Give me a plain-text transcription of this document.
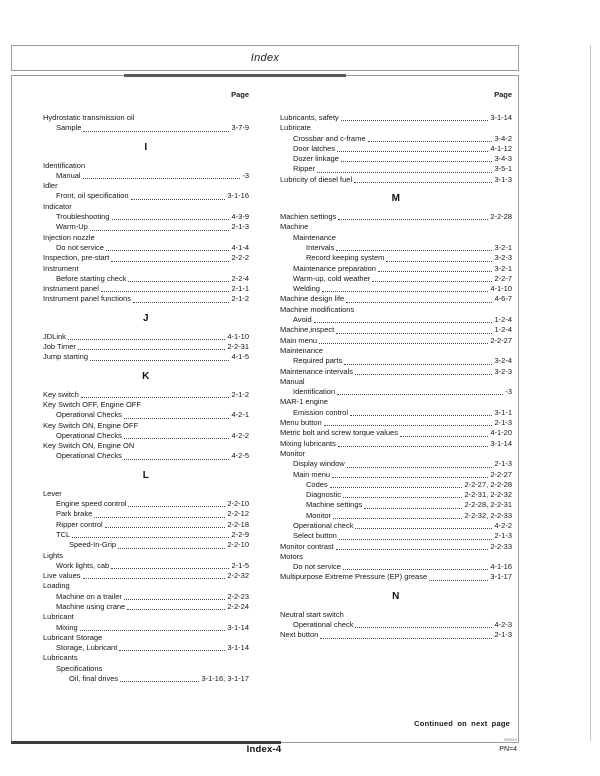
Index
Page
Hydrostatic transmission oil
Sample	3-7-9
I
Identification
Manual	-3
Idler
Front, oil specification	3-1-16
Indicator
Troubleshooting	4-3-9
Warm-Up	2-1-3
Injection nozzle
Do not service	4-1-4
Inspection, pre-start	2-2-2
Instrument
Before starting check	2-2-4
Instrument panel	2-1-1
Instrument panel functions	2-1-2
J
JDLink	4-1-10
Job Timer	2-2-31
Jump starting	4-1-5
K
Key switch	2-1-2
Key Switch OFF, Engine OFF
Operational Checks	4-2-1
Key Switch ON, Engine OFF
Operational Checks	4-2-2
Key Switch ON, Engine ON
Operational Checks	4-2-5
L
Lever
Engine speed control	2-2-10
Park brake	2-2-12
Ripper control	2-2-18
TCL	2-2-9
Speed-In-Grip	2-2-10
Lights
Work lights, cab	2-1-5
Live values	2-2-32
Loading
Machine on a trailer	2-2-23
Machine using crane	2-2-24
Lubricant
Mixing	3-1-14
Lubricant Storage
Storage, Lubricant	3-1-14
Lubricants
Specifications
Oil, final drives	3-1-16, 3-1-17
Page
Lubricants, safety	3-1-14
Lubricate
Crossbar and c-frame	3-4-2
Door latches	4-1-12
Dozer linkage	3-4-3
Ripper	3-5-1
Lubricity of diesel fuel	3-1-3
M
Machien settings	2-2-28
Machine
Maintenance
Intervals	3-2-1
Record keeping system	3-2-3
Maintenance preparation	3-2-1
Warm-up, cold weather	2-2-7
Welding	4-1-10
Machine design life	4-6-7
Machine modifications
Avoid	1-2-4
Machine,inspect	1-2-4
Main menu	2-2-27
Maintenance
Required parts	3-2-4
Maintenance intervals	3-2-3
Manual
Identification	-3
MAR-1 engine
Emission control	3-1-1
Menu button	2-1-3
Metric bolt and screw torque values	4-1-20
Mixing lubricants	3-1-14
Monitor
Display window	2-1-3
Main menu	2-2-27
Codes	2-2-27, 2-2-28
Diagnostic	2-2-31, 2-2-32
Machine settings	2-2-28, 2-2-31
Monitor	2-2-32, 2-2-33
Operational check	4-2-2
Select button	2-1-3
Monitor contrast	2-2-33
Motors
Do not service	4-1-16
Multipurpose Extreme Pressure (EP) grease	3-1-17
N
Neutral start switch
Operational check	4-2-3
Next button	2-1-3
Continued on next page
Index-4
090819
PN=4
